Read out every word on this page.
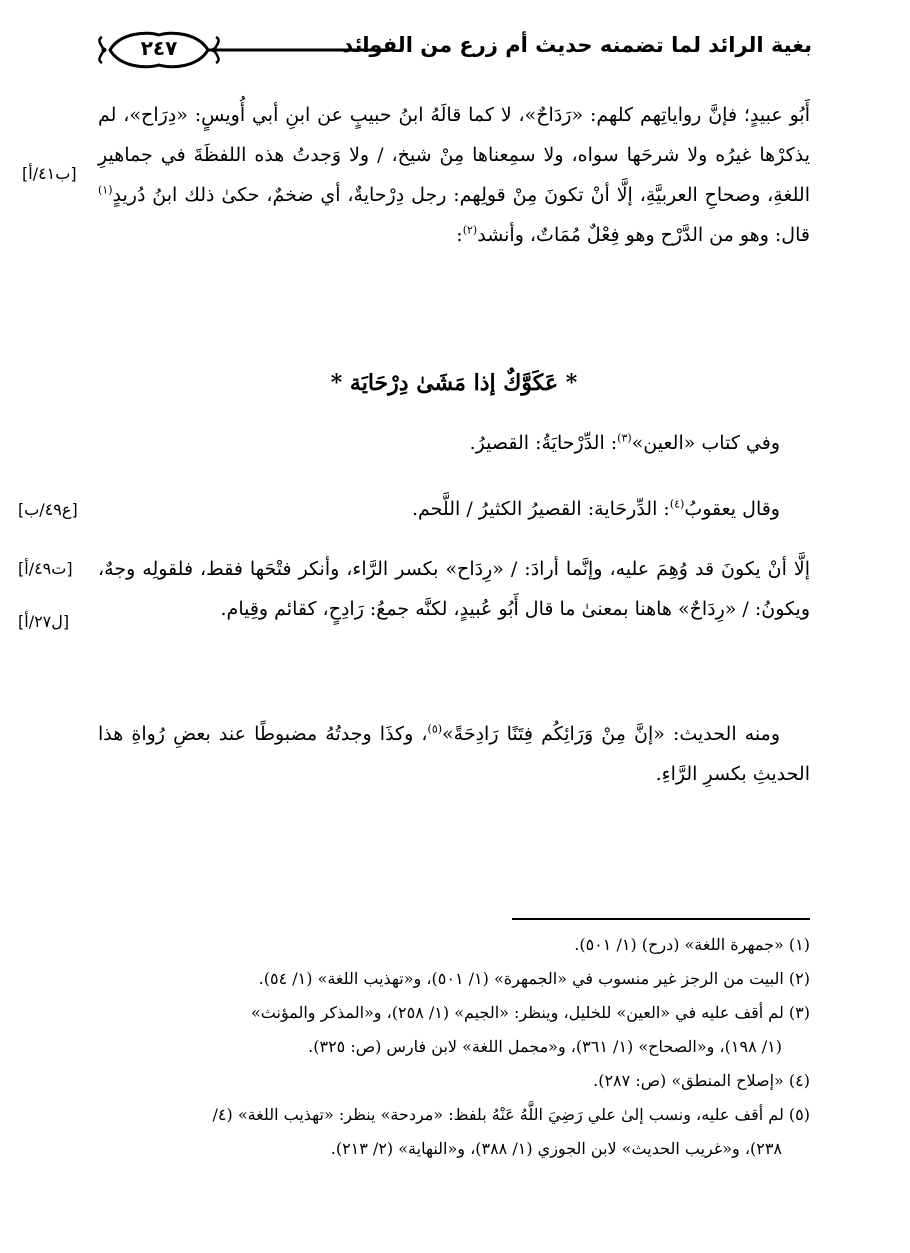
بغية الرائد لما تضمنه حديث أم زرع من الفوائد
٢٤٧

أَبُو عبيدٍ؛ فإنَّ رواياتِهم كلهم: «رَدَاحٌ»، لا كما قالَهُ ابنُ حبيبٍ عن ابنِ أبي أُويسٍ: «دِرَاح»، لم يذكرْها غيرُه ولا شرحَها سواه، ولا سمِعناها مِنْ شيخ، / ولا وَجدتُ هذه اللفظَةَ في جماهيرِ اللغةِ، وصحاحِ العربيَّةِ، إلَّا أنْ تكونَ مِنْ قولِهم: رجل دِرْحايةٌ، أي ضخمٌ، حكىٰ ذلك ابنُ دُريدٍ$^{(١)}$ قال: وهو من الدَّرْح وهو فِعْلٌ مُمَاتٌ، وأنشد$^{(٢)}$:

[ب٤١/أ]
* عَكَوَّكٌ إذا مَشَىٰ دِرْحَايَة *

وفي كتاب «العين»$^{(٣)}$: الدِّرْحايَةُ: القصيرُ.

وقال يعقوبُ$^{(٤)}$: الدِّرحَاية: القصيرُ الكثيرُ / اللَّحم.

[ع٤٩/ب]

إلَّا أنْ يكونَ قد وُهِمَ عليه، وإنَّما أرادَ: / «رِدَاح» بكسر الرَّاء، وأنكر فتْحَها فقط، فلقولِه وجهٌ، ويكونُ: / «رِدَاحٌ» هاهنا بمعنىٰ ما قال أَبُو عُبيدٍ، لكنَّه جمعُ: رَادِحٍ، كقائم وقِيام.

[ت٤٩/أ]
[ل٢٧/أ]

ومنه الحديث: «إنَّ مِنْ وَرَائِكُم فِتَنًا رَادِحَةً»$^{(٥)}$، وكذَا وجدتُهُ مضبوطًا عند بعضِ رُواةِ هذا الحديثِ بكسرِ الرَّاءِ.

(١) «جمهرة اللغة» (درح) (١/ ٥٠١).

(٢) البيت من الرجز غير منسوب في «الجمهرة» (١/ ٥٠١)، و«تهذيب اللغة» (١/ ٥٤).

(٣) لم أقف عليه في «العين» للخليل، وينظر: «الجيم» (١/ ٢٥٨)، و«المذكر والمؤنث»

(١/ ١٩٨)، و«الصحاح» (١/ ٣٦١)، و«مجمل اللغة» لابن فارس (ص: ٣٢٥).

(٤) «إصلاح المنطق» (ص: ٢٨٧).

(٥) لم أقف عليه، ونسب إلىٰ علي رَضِيَ اللَّهُ عَنْهُ بلفظ: «مردحة» ينظر: «تهذيب اللغة» (٤/

٢٣٨)، و«غريب الحديث» لابن الجوزي (١/ ٣٨٨)، و«النهاية» (٢/ ٢١٣).
